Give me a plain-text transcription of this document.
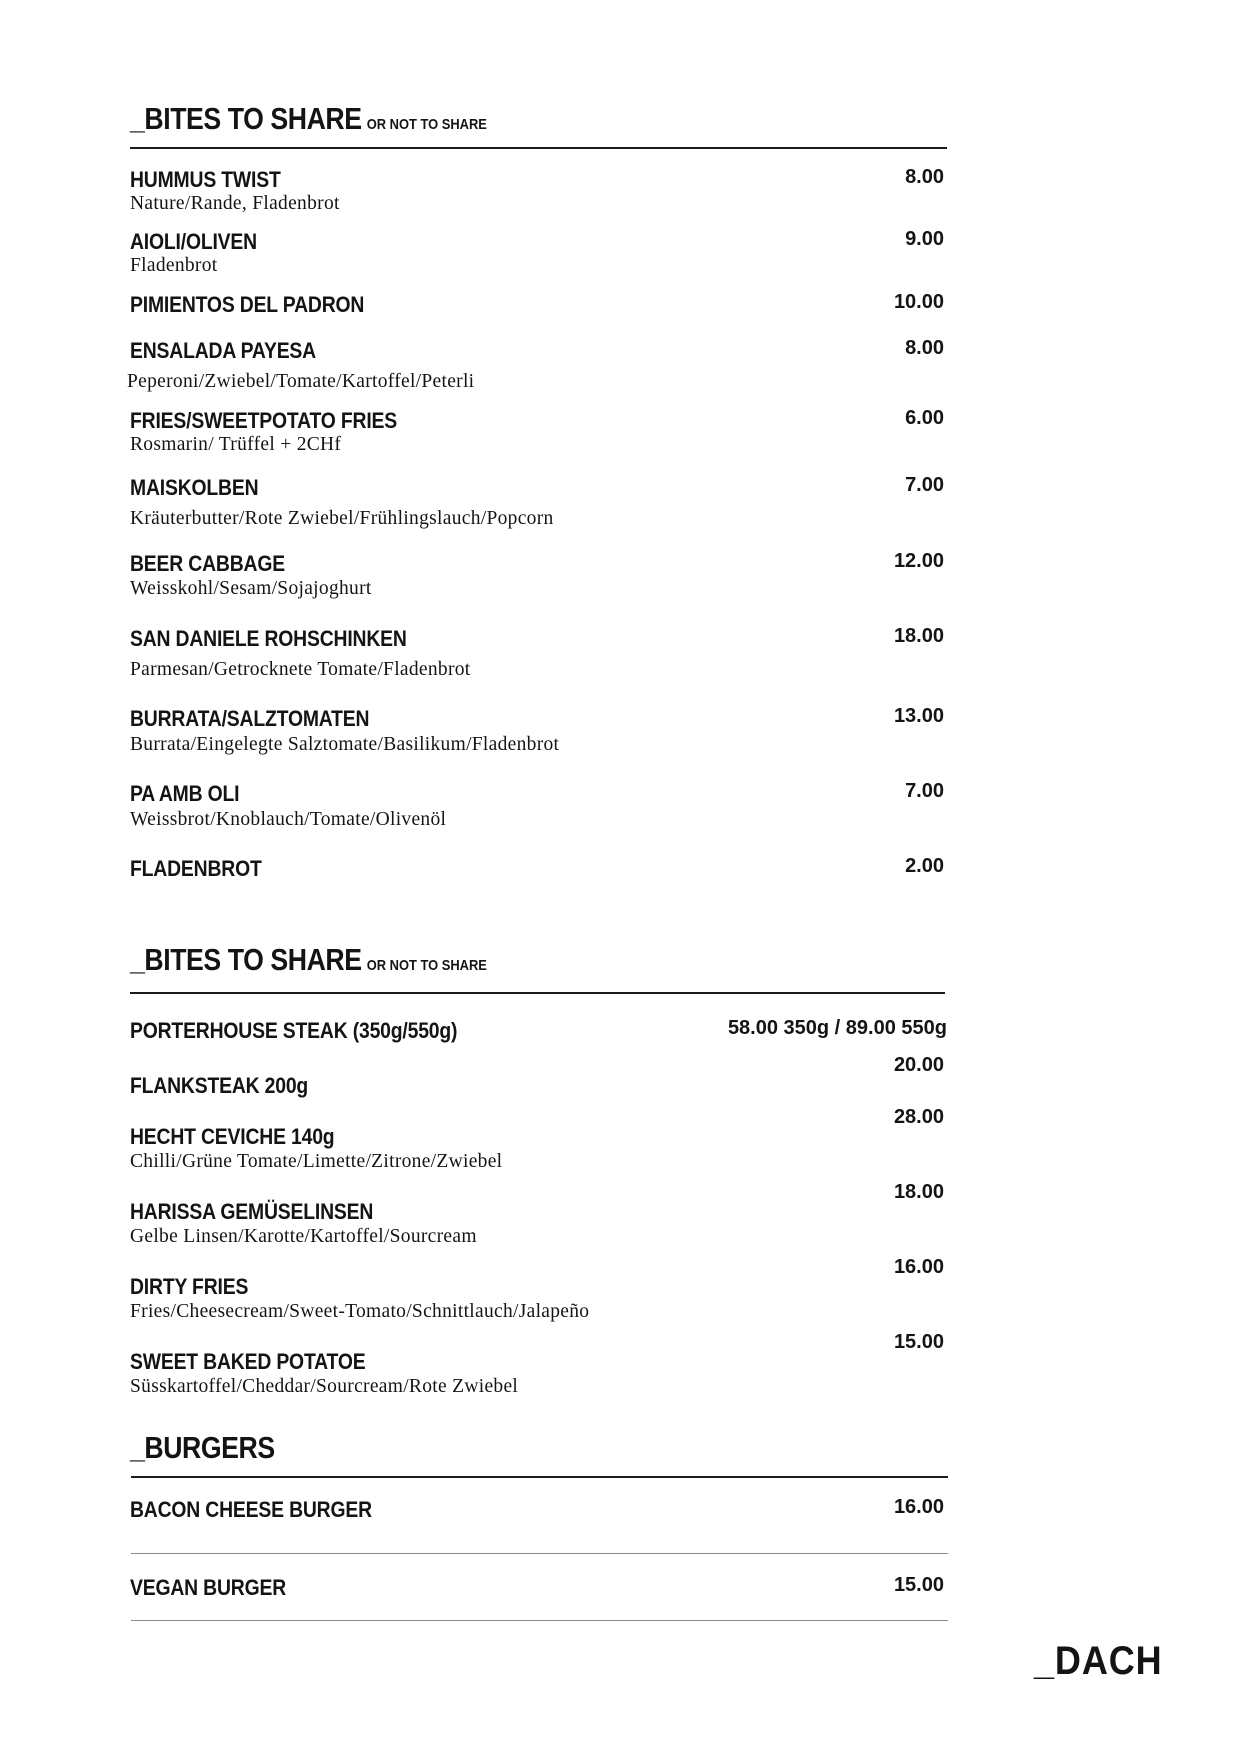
_BITES TO SHARE OR NOT TO SHARE
HUMMUS TWIST
Nature/Rande, Fladenbrot
8.00
AIOLI/OLIVEN
Fladenbrot
9.00
PIMIENTOS DEL PADRON	10.00
ENSALADA PAYESA
Peperoni/Zwiebel/Tomate/Kartoffel/Peterli
8.00
FRIES/SWEETPOTATO FRIES
Rosmarin/ Trüffel + 2CHf
6.00
MAISKOLBEN
Kräuterbutter/Rote Zwiebel/Frühlingslauch/Popcorn
7.00
BEER CABBAGE
Weisskohl/Sesam/Sojajoghurt
12.00
SAN DANIELE ROHSCHINKEN
Parmesan/Getrocknete Tomate/Fladenbrot
18.00
BURRATA/SALZTOMATEN
Burrata/Eingelegte Salztomate/Basilikum/Fladenbrot
13.00
PA AMB OLI
Weissbrot/Knoblauch/Tomate/Olivenöl
7.00
FLADENBROT	2.00
_BITES TO SHARE OR NOT TO SHARE
PORTERHOUSE STEAK (350g/550g)	58.00 350g / 89.00 550g
FLANKSTEAK 200g
20.00
HECHT CEVICHE 140g
Chilli/Grüne Tomate/Limette/Zitrone/Zwiebel
28.00
HARISSA GEMÜSELINSEN
Gelbe Linsen/Karotte/Kartoffel/Sourcream
18.00
DIRTY FRIES
Fries/Cheesecream/Sweet-Tomato/Schnittlauch/Jalapeño
16.00
SWEET BAKED POTATOE
Süsskartoffel/Cheddar/Sourcream/Rote Zwiebel
15.00
_BURGERS
BACON CHEESE BURGER	16.00
VEGAN BURGER	15.00
_DACH
